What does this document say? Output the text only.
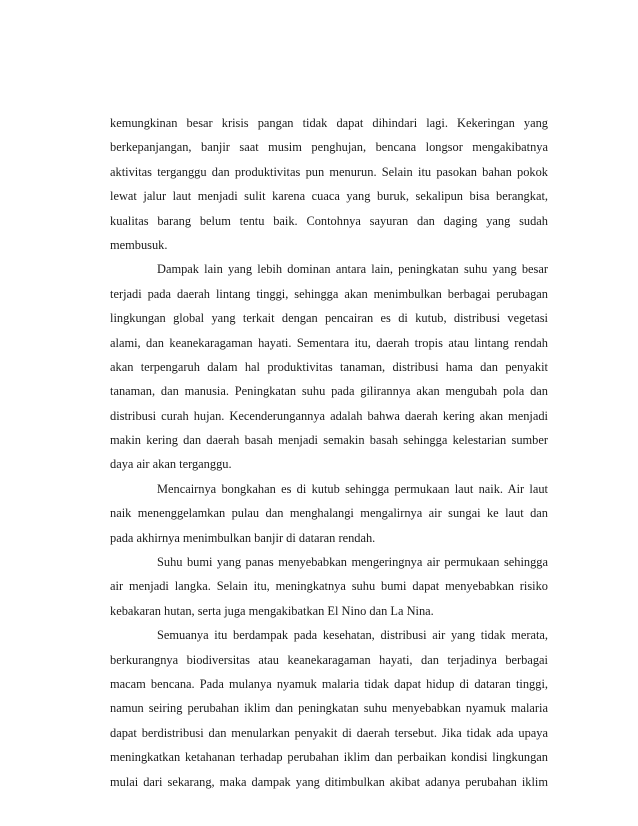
kemungkinan besar krisis pangan tidak dapat dihindari lagi. Kekeringan yang
berkepanjangan, banjir saat musim penghujan, bencana longsor mengakibatnya
aktivitas terganggu dan produktivitas pun menurun. Selain itu pasokan bahan pokok
lewat jalur laut menjadi sulit karena cuaca yang buruk, sekalipun bisa berangkat,
kualitas barang belum tentu baik. Contohnya sayuran dan daging yang sudah
membusuk.
Dampak lain yang lebih dominan antara lain, peningkatan suhu yang besar
terjadi pada daerah lintang tinggi, sehingga akan menimbulkan berbagai perubagan
lingkungan global yang terkait dengan pencairan es di kutub, distribusi vegetasi
alami, dan keanekaragaman hayati. Sementara itu, daerah tropis atau lintang rendah
akan terpengaruh dalam hal produktivitas tanaman, distribusi hama dan penyakit
tanaman, dan manusia. Peningkatan suhu pada gilirannya akan mengubah pola dan
distribusi curah hujan. Kecenderungannya adalah bahwa daerah kering akan menjadi
makin kering dan daerah basah menjadi semakin basah sehingga kelestarian sumber
daya air akan terganggu.
Mencairnya bongkahan es di kutub sehingga permukaan laut naik. Air laut
naik menenggelamkan pulau dan menghalangi mengalirnya air sungai ke laut dan
pada akhirnya menimbulkan banjir di dataran rendah.
Suhu bumi yang panas menyebabkan mengeringnya air permukaan sehingga
air menjadi langka. Selain itu, meningkatnya suhu bumi dapat menyebabkan risiko
kebakaran hutan, serta juga mengakibatkan El Nino dan La Nina.
Semuanya itu berdampak pada kesehatan, distribusi air yang tidak merata,
berkurangnya biodiversitas atau keanekaragaman hayati, dan terjadinya berbagai
macam bencana. Pada mulanya nyamuk malaria tidak dapat hidup di dataran tinggi,
namun seiring perubahan iklim dan peningkatan suhu menyebabkan nyamuk malaria
dapat berdistribusi dan menularkan penyakit di daerah tersebut. Jika tidak ada upaya
meningkatkan ketahanan terhadap perubahan iklim dan perbaikan kondisi lingkungan
mulai dari sekarang, maka dampak yang ditimbulkan akibat adanya perubahan iklim
